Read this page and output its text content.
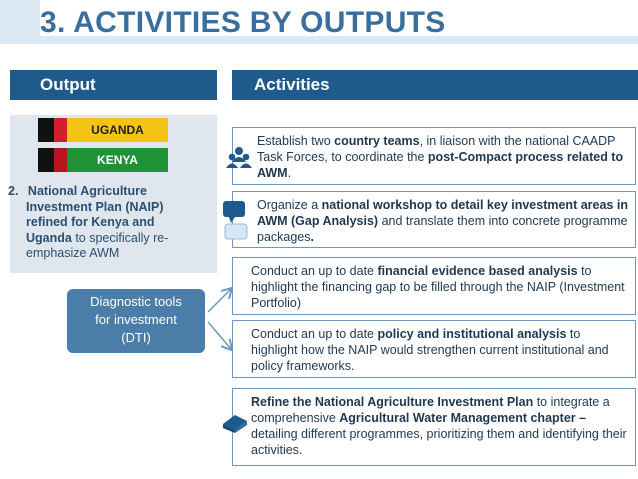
3. ACTIVITIES BY OUTPUTS
Output	Activities
UGANDA
KENYA
2. National Agriculture
Investment Plan (NAIP)
refined for Kenya and
Uganda to specifically re-
emphasize AWM
Diagnostic tools
for investment
(DTI)
Establish two country teams, in liaison with the national CAADP Task Forces, to coordinate the post-Compact process related to AWM.
Organize a national workshop to detail key investment areas in AWM (Gap Analysis) and translate them into concrete programme packages.
Conduct an up to date financial evidence based analysis to highlight the financing gap to be filled through the NAIP (Investment Portfolio)
Conduct an up to date policy and institutional analysis to highlight how the NAIP would strengthen current institutional and policy frameworks.
Refine the National Agriculture Investment Plan to integrate a comprehensive Agricultural Water Management chapter – detailing different programmes, prioritizing them and identifying their activities.
